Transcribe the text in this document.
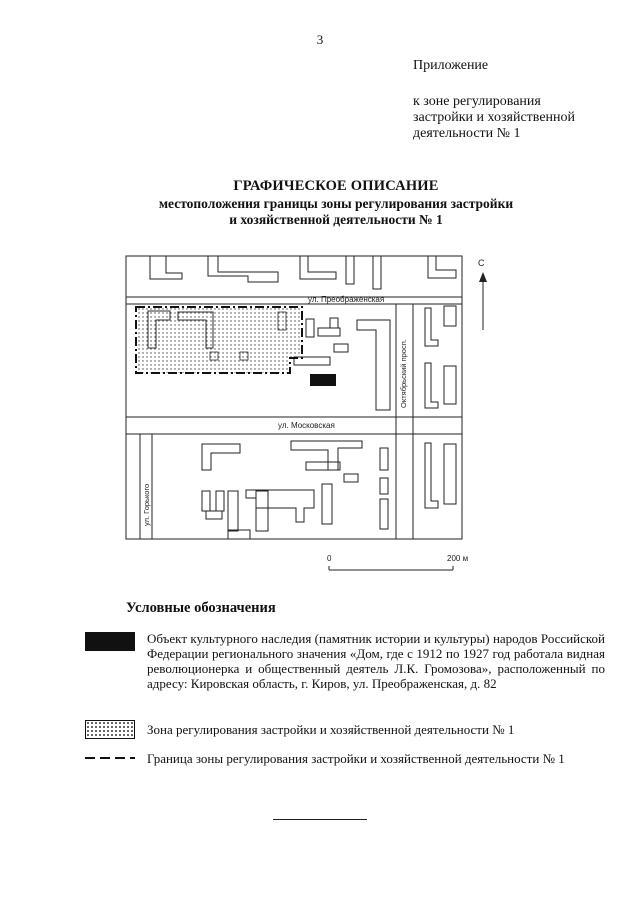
3
Приложение
к зоне регулирования
застройки и хозяйственной
деятельности № 1
ГРАФИЧЕСКОЕ ОПИСАНИЕ
местоположения границы зоны регулирования застройки
и хозяйственной деятельности № 1
ул. Преображенская
ул. Московская
ул. Горького
Октябрьский просп.
С
0	200 м
Условные обозначения
Объект культурного наследия (памятник истории и культуры) народов Российской Федерации регионального значения «Дом, где с 1912 по 1927 год работала видная революционерка и общественный деятель Л.К. Громозова», расположенный по адресу: Кировская область, г. Киров, ул. Преображенская, д. 82
Зона регулирования застройки и хозяйственной деятельности № 1
Граница зоны регулирования застройки и хозяйственной деятельности № 1
